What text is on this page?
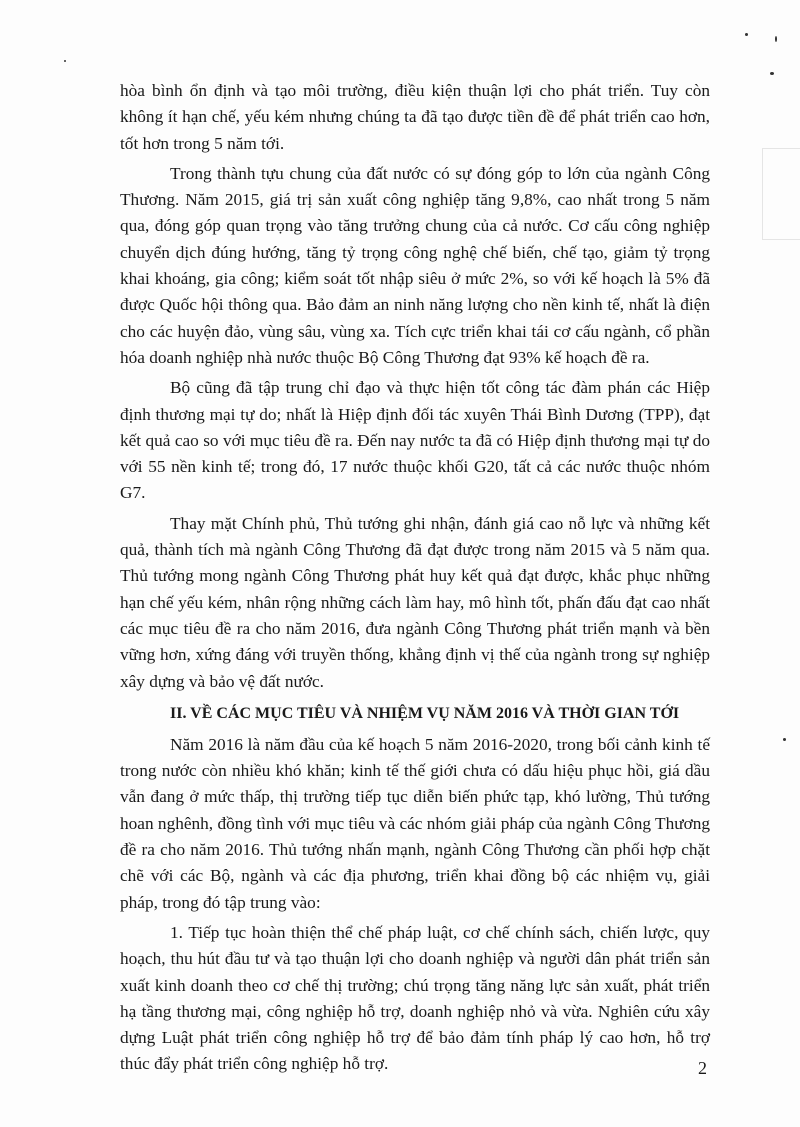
hòa bình ổn định và tạo môi trường, điều kiện thuận lợi cho phát triển. Tuy còn không ít hạn chế, yếu kém nhưng chúng ta đã tạo được tiền đề để phát triển cao hơn, tốt hơn trong 5 năm tới.

Trong thành tựu chung của đất nước có sự đóng góp to lớn của ngành Công Thương. Năm 2015, giá trị sản xuất công nghiệp tăng 9,8%, cao nhất trong 5 năm qua, đóng góp quan trọng vào tăng trưởng chung của cả nước. Cơ cấu công nghiệp chuyển dịch đúng hướng, tăng tỷ trọng công nghệ chế biến, chế tạo, giảm tỷ trọng khai khoáng, gia công; kiểm soát tốt nhập siêu ở mức 2%, so với kế hoạch là 5% đã được Quốc hội thông qua. Bảo đảm an ninh năng lượng cho nền kinh tế, nhất là điện cho các huyện đảo, vùng sâu, vùng xa. Tích cực triển khai tái cơ cấu ngành, cổ phần hóa doanh nghiệp nhà nước thuộc Bộ Công Thương đạt 93% kế hoạch đề ra.

Bộ cũng đã tập trung chỉ đạo và thực hiện tốt công tác đàm phán các Hiệp định thương mại tự do; nhất là Hiệp định đối tác xuyên Thái Bình Dương (TPP), đạt kết quả cao so với mục tiêu đề ra. Đến nay nước ta đã có Hiệp định thương mại tự do với 55 nền kinh tế; trong đó, 17 nước thuộc khối G20, tất cả các nước thuộc nhóm G7.

Thay mặt Chính phủ, Thủ tướng ghi nhận, đánh giá cao nỗ lực và những kết quả, thành tích mà ngành Công Thương đã đạt được trong năm 2015 và 5 năm qua. Thủ tướng mong ngành Công Thương phát huy kết quả đạt được, khắc phục những hạn chế yếu kém, nhân rộng những cách làm hay, mô hình tốt, phấn đấu đạt cao nhất các mục tiêu đề ra cho năm 2016, đưa ngành Công Thương phát triển mạnh và bền vững hơn, xứng đáng với truyền thống, khẳng định vị thế của ngành trong sự nghiệp xây dựng và bảo vệ đất nước.

II. VỀ CÁC MỤC TIÊU VÀ NHIỆM VỤ NĂM 2016 VÀ THỜI GIAN TỚI

Năm 2016 là năm đầu của kế hoạch 5 năm 2016-2020, trong bối cảnh kinh tế trong nước còn nhiều khó khăn; kinh tế thế giới chưa có dấu hiệu phục hồi, giá dầu vẫn đang ở mức thấp, thị trường tiếp tục diễn biến phức tạp, khó lường, Thủ tướng hoan nghênh, đồng tình với mục tiêu và các nhóm giải pháp của ngành Công Thương đề ra cho năm 2016. Thủ tướng nhấn mạnh, ngành Công Thương cần phối hợp chặt chẽ với các Bộ, ngành và các địa phương, triển khai đồng bộ các nhiệm vụ, giải pháp, trong đó tập trung vào:

1. Tiếp tục hoàn thiện thể chế pháp luật, cơ chế chính sách, chiến lược, quy hoạch, thu hút đầu tư và tạo thuận lợi cho doanh nghiệp và người dân phát triển sản xuất kinh doanh theo cơ chế thị trường; chú trọng tăng năng lực sản xuất, phát triển hạ tầng thương mại, công nghiệp hỗ trợ, doanh nghiệp nhỏ và vừa. Nghiên cứu xây dựng Luật phát triển công nghiệp hỗ trợ để bảo đảm tính pháp lý cao hơn, hỗ trợ thúc đẩy phát triển công nghiệp hỗ trợ.	2
